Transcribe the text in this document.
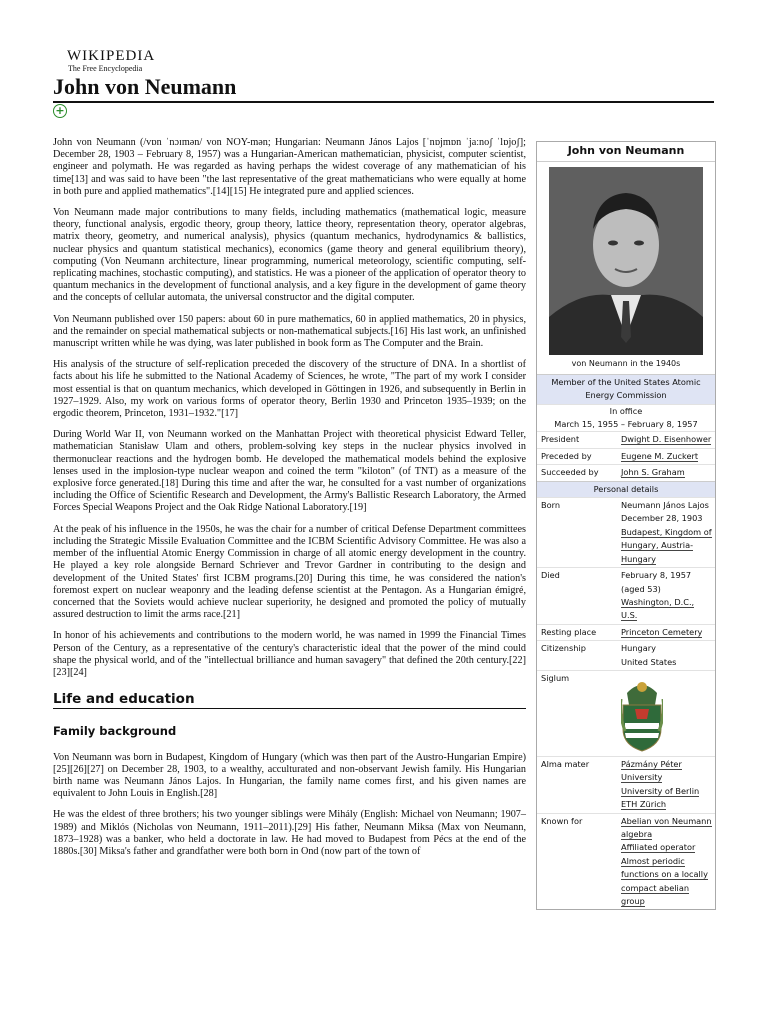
WIKIPEDIA
The Free Encyclopedia
John von Neumann
+

John von Neumann (/vɒn ˈnɔɪmən/ von NOY-mən; Hungarian: Neumann János Lajos [ˈnɒjmɒn ˈjaːnoʃ ˈlɒjoʃ]; December 28, 1903 – February 8, 1957) was a Hungarian-American mathematician, physicist, computer scientist, engineer and polymath. He was regarded as having perhaps the widest coverage of any mathematician of his time[13] and was said to have been "the last representative of the great mathematicians who were equally at home in both pure and applied mathematics".[14][15] He integrated pure and applied sciences.

Von Neumann made major contributions to many fields, including mathematics (mathematical logic, measure theory, functional analysis, ergodic theory, group theory, lattice theory, representation theory, operator algebras, matrix theory, geometry, and numerical analysis), physics (quantum mechanics, hydrodynamics & ballistics, nuclear physics and quantum statistical mechanics), economics (game theory and general equilibrium theory), computing (Von Neumann architecture, linear programming, numerical meteorology, scientific computing, self-replicating machines, stochastic computing), and statistics. He was a pioneer of the application of operator theory to quantum mechanics in the development of functional analysis, and a key figure in the development of game theory and the concepts of cellular automata, the universal constructor and the digital computer.

Von Neumann published over 150 papers: about 60 in pure mathematics, 60 in applied mathematics, 20 in physics, and the remainder on special mathematical subjects or non-mathematical subjects.[16] His last work, an unfinished manuscript written while he was dying, was later published in book form as The Computer and the Brain.

His analysis of the structure of self-replication preceded the discovery of the structure of DNA. In a shortlist of facts about his life he submitted to the National Academy of Sciences, he wrote, "The part of my work I consider most essential is that on quantum mechanics, which developed in Göttingen in 1926, and subsequently in Berlin in 1927–1929. Also, my work on various forms of operator theory, Berlin 1930 and Princeton 1935–1939; on the ergodic theorem, Princeton, 1931–1932."[17]

During World War II, von Neumann worked on the Manhattan Project with theoretical physicist Edward Teller, mathematician Stanisław Ulam and others, problem-solving key steps in the nuclear physics involved in thermonuclear reactions and the hydrogen bomb. He developed the mathematical models behind the explosive lenses used in the implosion-type nuclear weapon and coined the term "kiloton" (of TNT) as a measure of the explosive force generated.[18] During this time and after the war, he consulted for a vast number of organizations including the Office of Scientific Research and Development, the Army's Ballistic Research Laboratory, the Armed Forces Special Weapons Project and the Oak Ridge National Laboratory.[19]

At the peak of his influence in the 1950s, he was the chair for a number of critical Defense Department committees including the Strategic Missile Evaluation Committee and the ICBM Scientific Advisory Committee. He was also a member of the influential Atomic Energy Commission in charge of all atomic energy development in the country. He played a key role alongside Bernard Schriever and Trevor Gardner in contributing to the design and development of the United States' first ICBM programs.[20] During this time, he was considered the nation's foremost expert on nuclear weaponry and the leading defense scientist at the Pentagon. As a Hungarian émigré, concerned that the Soviets would achieve nuclear superiority, he designed and promoted the policy of mutually assured destruction to limit the arms race.[21]

In honor of his achievements and contributions to the modern world, he was named in 1999 the Financial Times Person of the Century, as a representative of the century's characteristic ideal that the power of the mind could shape the physical world, and of the "intellectual brilliance and human savagery" that defined the 20th century.[22][23][24]

Life and education
Family background

Von Neumann was born in Budapest, Kingdom of Hungary (which was then part of the Austro-Hungarian Empire)[25][26][27] on December 28, 1903, to a wealthy, acculturated and non-observant Jewish family. His Hungarian birth name was Neumann János Lajos. In Hungarian, the family name comes first, and his given names are equivalent to John Louis in English.[28]

He was the eldest of three brothers; his two younger siblings were Mihály (English: Michael von Neumann; 1907–1989) and Miklós (Nicholas von Neumann, 1911–2011).[29] His father, Neumann Miksa (Max von Neumann, 1873–1928) was a banker, who held a doctorate in law. He had moved to Budapest from Pécs at the end of the 1880s.[30] Miksa's father and grandfather were both born in Ond (now part of the town of

John von Neumann
von Neumann in the 1940s
Member of the United States Atomic Energy Commission
In office
March 15, 1955 – February 8, 1957
President	Dwight D. Eisenhower
Preceded by	Eugene M. Zuckert
Succeeded by	John S. Graham
Personal details
Born	Neumann János Lajos
December 28, 1903
Budapest, Kingdom of Hungary, Austria-Hungary
Died	February 8, 1957
(aged 53)
Washington, D.C., U.S.
Resting place	Princeton Cemetery
Citizenship	Hungary
United States
Siglum
Alma mater	Pázmány Péter University
University of Berlin
ETH Zürich
Known for	Abelian von Neumann algebra
Affiliated operator
Almost periodic functions on a locally compact abelian group
